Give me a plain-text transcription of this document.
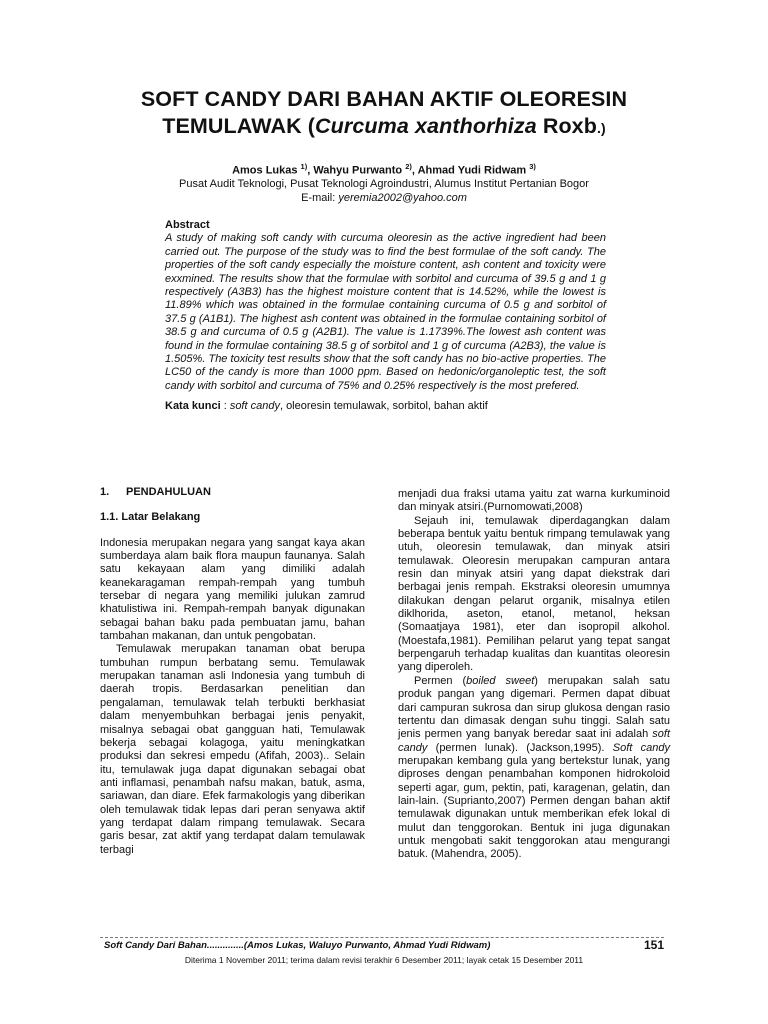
SOFT CANDY DARI BAHAN AKTIF OLEORESIN
TEMULAWAK (Curcuma xanthorhiza Roxb.)
Amos Lukas $^{1)}$, Wahyu Purwanto $^{2)}$, Ahmad Yudi Ridwam $^{3)}$
Pusat Audit Teknologi, Pusat Teknologi Agroindustri, Alumus Institut Pertanian Bogor
E-mail: yeremia2002@yahoo.com

Abstract

A study of making soft candy with curcuma oleoresin as the active ingredient had been carried out. The purpose of the study was to find the best formulae of the soft candy. The properties of the soft candy especially the moisture content, ash content and toxicity were exxmined. The results show that the formulae with sorbitol and curcuma of 39.5 g and 1 g respectively (A3B3) has the highest moisture content that is 14.52%, while the lowest is 11.89% which was obtained in the formulae containing curcuma of 0.5 g and sorbitol of 37.5 g (A1B1). The highest ash content was obtained in the formulae containing sorbitol of 38.5 g and curcuma of 0.5 g (A2B1). The value is 1.1739%.The lowest ash content was found in the formulae containing 38.5 g of sorbitol and 1 g of curcuma (A2B3), the value is 1.505%. The toxicity test results show that the soft candy has no bio-active properties. The LC50 of the candy is more than 1000 ppm. Based on hedonic/organoleptic test, the soft candy with sorbitol and curcuma of 75% and 0.25% respectively is the most prefered.

Kata kunci : soft candy, oleoresin temulawak, sorbitol, bahan aktif

1. PENDAHULUAN

1.1. Latar Belakang

Indonesia merupakan negara yang sangat kaya akan sumberdaya alam baik flora maupun faunanya. Salah satu kekayaan alam yang dimiliki adalah keanekaragaman rempah-rempah yang tumbuh tersebar di negara yang memiliki julukan zamrud khatulistiwa ini. Rempah-rempah banyak digunakan sebagai bahan baku pada pembuatan jamu, bahan tambahan makanan, dan untuk pengobatan.

Temulawak merupakan tanaman obat berupa tumbuhan rumpun berbatang semu. Temulawak merupakan tanaman asli Indonesia yang tumbuh di daerah tropis. Berdasarkan penelitian dan pengalaman, temulawak telah terbukti berkhasiat dalam menyembuhkan berbagai jenis penyakit, misalnya sebagai obat gangguan hati, Temulawak bekerja sebagai kolagoga, yaitu meningkatkan produksi dan sekresi empedu (Afifah, 2003).. Selain itu, temulawak juga dapat digunakan sebagai obat anti inflamasi, penambah nafsu makan, batuk, asma, sariawan, dan diare. Efek farmakologis yang diberikan oleh temulawak tidak lepas dari peran senyawa aktif yang terdapat dalam rimpang temulawak. Secara garis besar, zat aktif yang terdapat dalam temulawak terbagi

menjadi dua fraksi utama yaitu zat warna kurkuminoid dan minyak atsiri.(Purnomowati,2008)

Sejauh ini, temulawak diperdagangkan dalam beberapa bentuk yaitu bentuk rimpang temulawak yang utuh, oleoresin temulawak, dan minyak atsiri temulawak. Oleoresin merupakan campuran antara resin dan minyak atsiri yang dapat diekstrak dari berbagai jenis rempah. Ekstraksi oleoresin umumnya dilakukan dengan pelarut organik, misalnya etilen diklhorida, aseton, etanol, metanol, heksan (Somaatjaya 1981), eter dan isopropil alkohol.(Moestafa,1981). Pemilihan pelarut yang tepat sangat berpengaruh terhadap kualitas dan kuantitas oleoresin yang diperoleh.

Permen (boiled sweet) merupakan salah satu produk pangan yang digemari. Permen dapat dibuat dari campuran sukrosa dan sirup glukosa dengan rasio tertentu dan dimasak dengan suhu tinggi. Salah satu jenis permen yang banyak beredar saat ini adalah soft candy (permen lunak). (Jackson,1995). Soft candy merupakan kembang gula yang bertekstur lunak, yang diproses dengan penambahan komponen hidrokoloid seperti agar, gum, pektin, pati, karagenan, gelatin, dan lain-lain. (Suprianto,2007) Permen dengan bahan aktif temulawak digunakan untuk memberikan efek lokal di mulut dan tenggorokan. Bentuk ini juga digunakan untuk mengobati sakit tenggorokan atau mengurangi batuk. (Mahendra, 2005).

Soft Candy Dari Bahan..............(Amos Lukas, Waluyo Purwanto, Ahmad Yudi Ridwam)	151
Diterima 1 November 2011; terima dalam revisi terakhir 6 Desember 2011; layak cetak 15 Desember 2011
